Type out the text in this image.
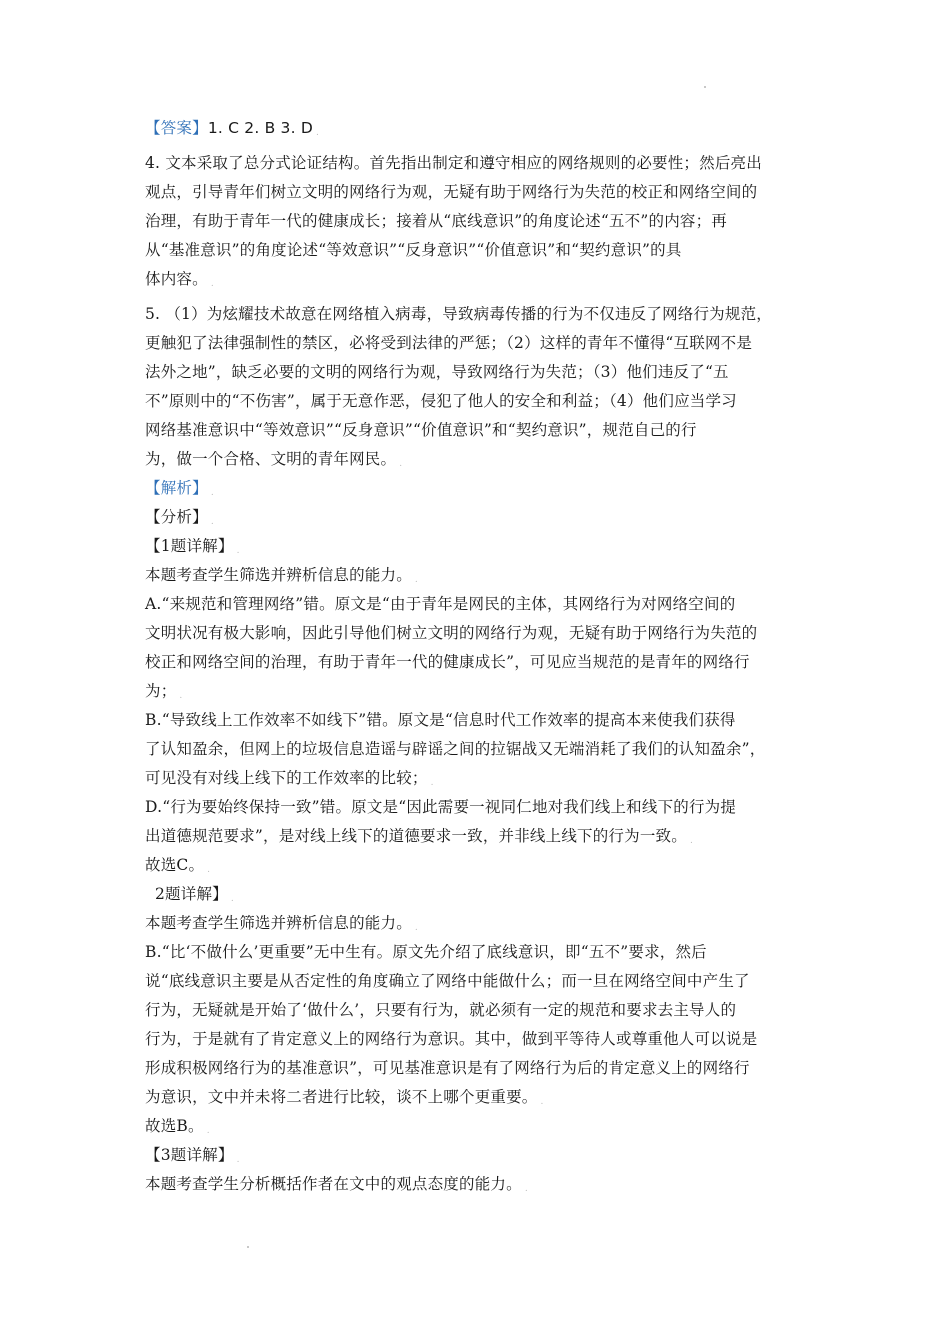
【答案】1. C 2. B 3. D .
4. 文本采取了总分式论证结构。首先指出制定和遵守相应的网络规则的必要性；然后亮出
观点，引导青年们树立文明的网络行为观，无疑有助于网络行为失范的校正和网络空间的
治理，有助于青年一代的健康成长；接着从“底线意识”的角度论述“五不”的内容；再
从“基准意识”的角度论述“等效意识”“反身意识”“价值意识”和“契约意识”的具
体内容。 .
5. （1）为炫耀技术故意在网络植入病毒，导致病毒传播的行为不仅违反了网络行为规范，
更触犯了法律强制性的禁区，必将受到法律的严惩；（2）这样的青年不懂得“互联网不是
法外之地”，缺乏必要的文明的网络行为观，导致网络行为失范；（3）他们违反了“五
不”原则中的“不伤害”，属于无意作恶，侵犯了他人的安全和利益；（4）他们应当学习
网络基准意识中“等效意识”“反身意识”“价值意识”和“契约意识”，规范自己的行
为，做一个合格、文明的青年网民。 .
【解析】 .
【分析】 .
【1题详解】 .
本题考查学生筛选并辨析信息的能力。 .
A.“来规范和管理网络”错。原文是“由于青年是网民的主体，其网络行为对网络空间的
文明状况有极大影响，因此引导他们树立文明的网络行为观，无疑有助于网络行为失范的
校正和网络空间的治理，有助于青年一代的健康成长”，可见应当规范的是青年的网络行
为； .
B.“导致线上工作效率不如线下”错。原文是“信息时代工作效率的提高本来使我们获得
了认知盈余，但网上的垃圾信息造谣与辟谣之间的拉锯战又无端消耗了我们的认知盈余”，
可见没有对线上线下的工作效率的比较； .
D.“行为要始终保持一致”错。原文是“因此需要一视同仁地对我们线上和线下的行为提
出道德规范要求”，是对线上线下的道德要求一致，并非线上线下的行为一致。 .
故选C。 .
2题详解】 .
本题考查学生筛选并辨析信息的能力。 .
B.“比‘不做什么’更重要”无中生有。原文先介绍了底线意识，即“五不”要求，然后
说“底线意识主要是从否定性的角度确立了网络中能做什么；而一旦在网络空间中产生了
行为，无疑就是开始了‘做什么’，只要有行为，就必须有一定的规范和要求去主导人的
行为，于是就有了肯定意义上的网络行为意识。其中，做到平等待人或尊重他人可以说是
形成积极网络行为的基准意识”，可见基准意识是有了网络行为后的肯定意义上的网络行
为意识，文中并未将二者进行比较，谈不上哪个更重要。 .
故选B。 .
【3题详解】 .
本题考查学生分析概括作者在文中的观点态度的能力。 .
